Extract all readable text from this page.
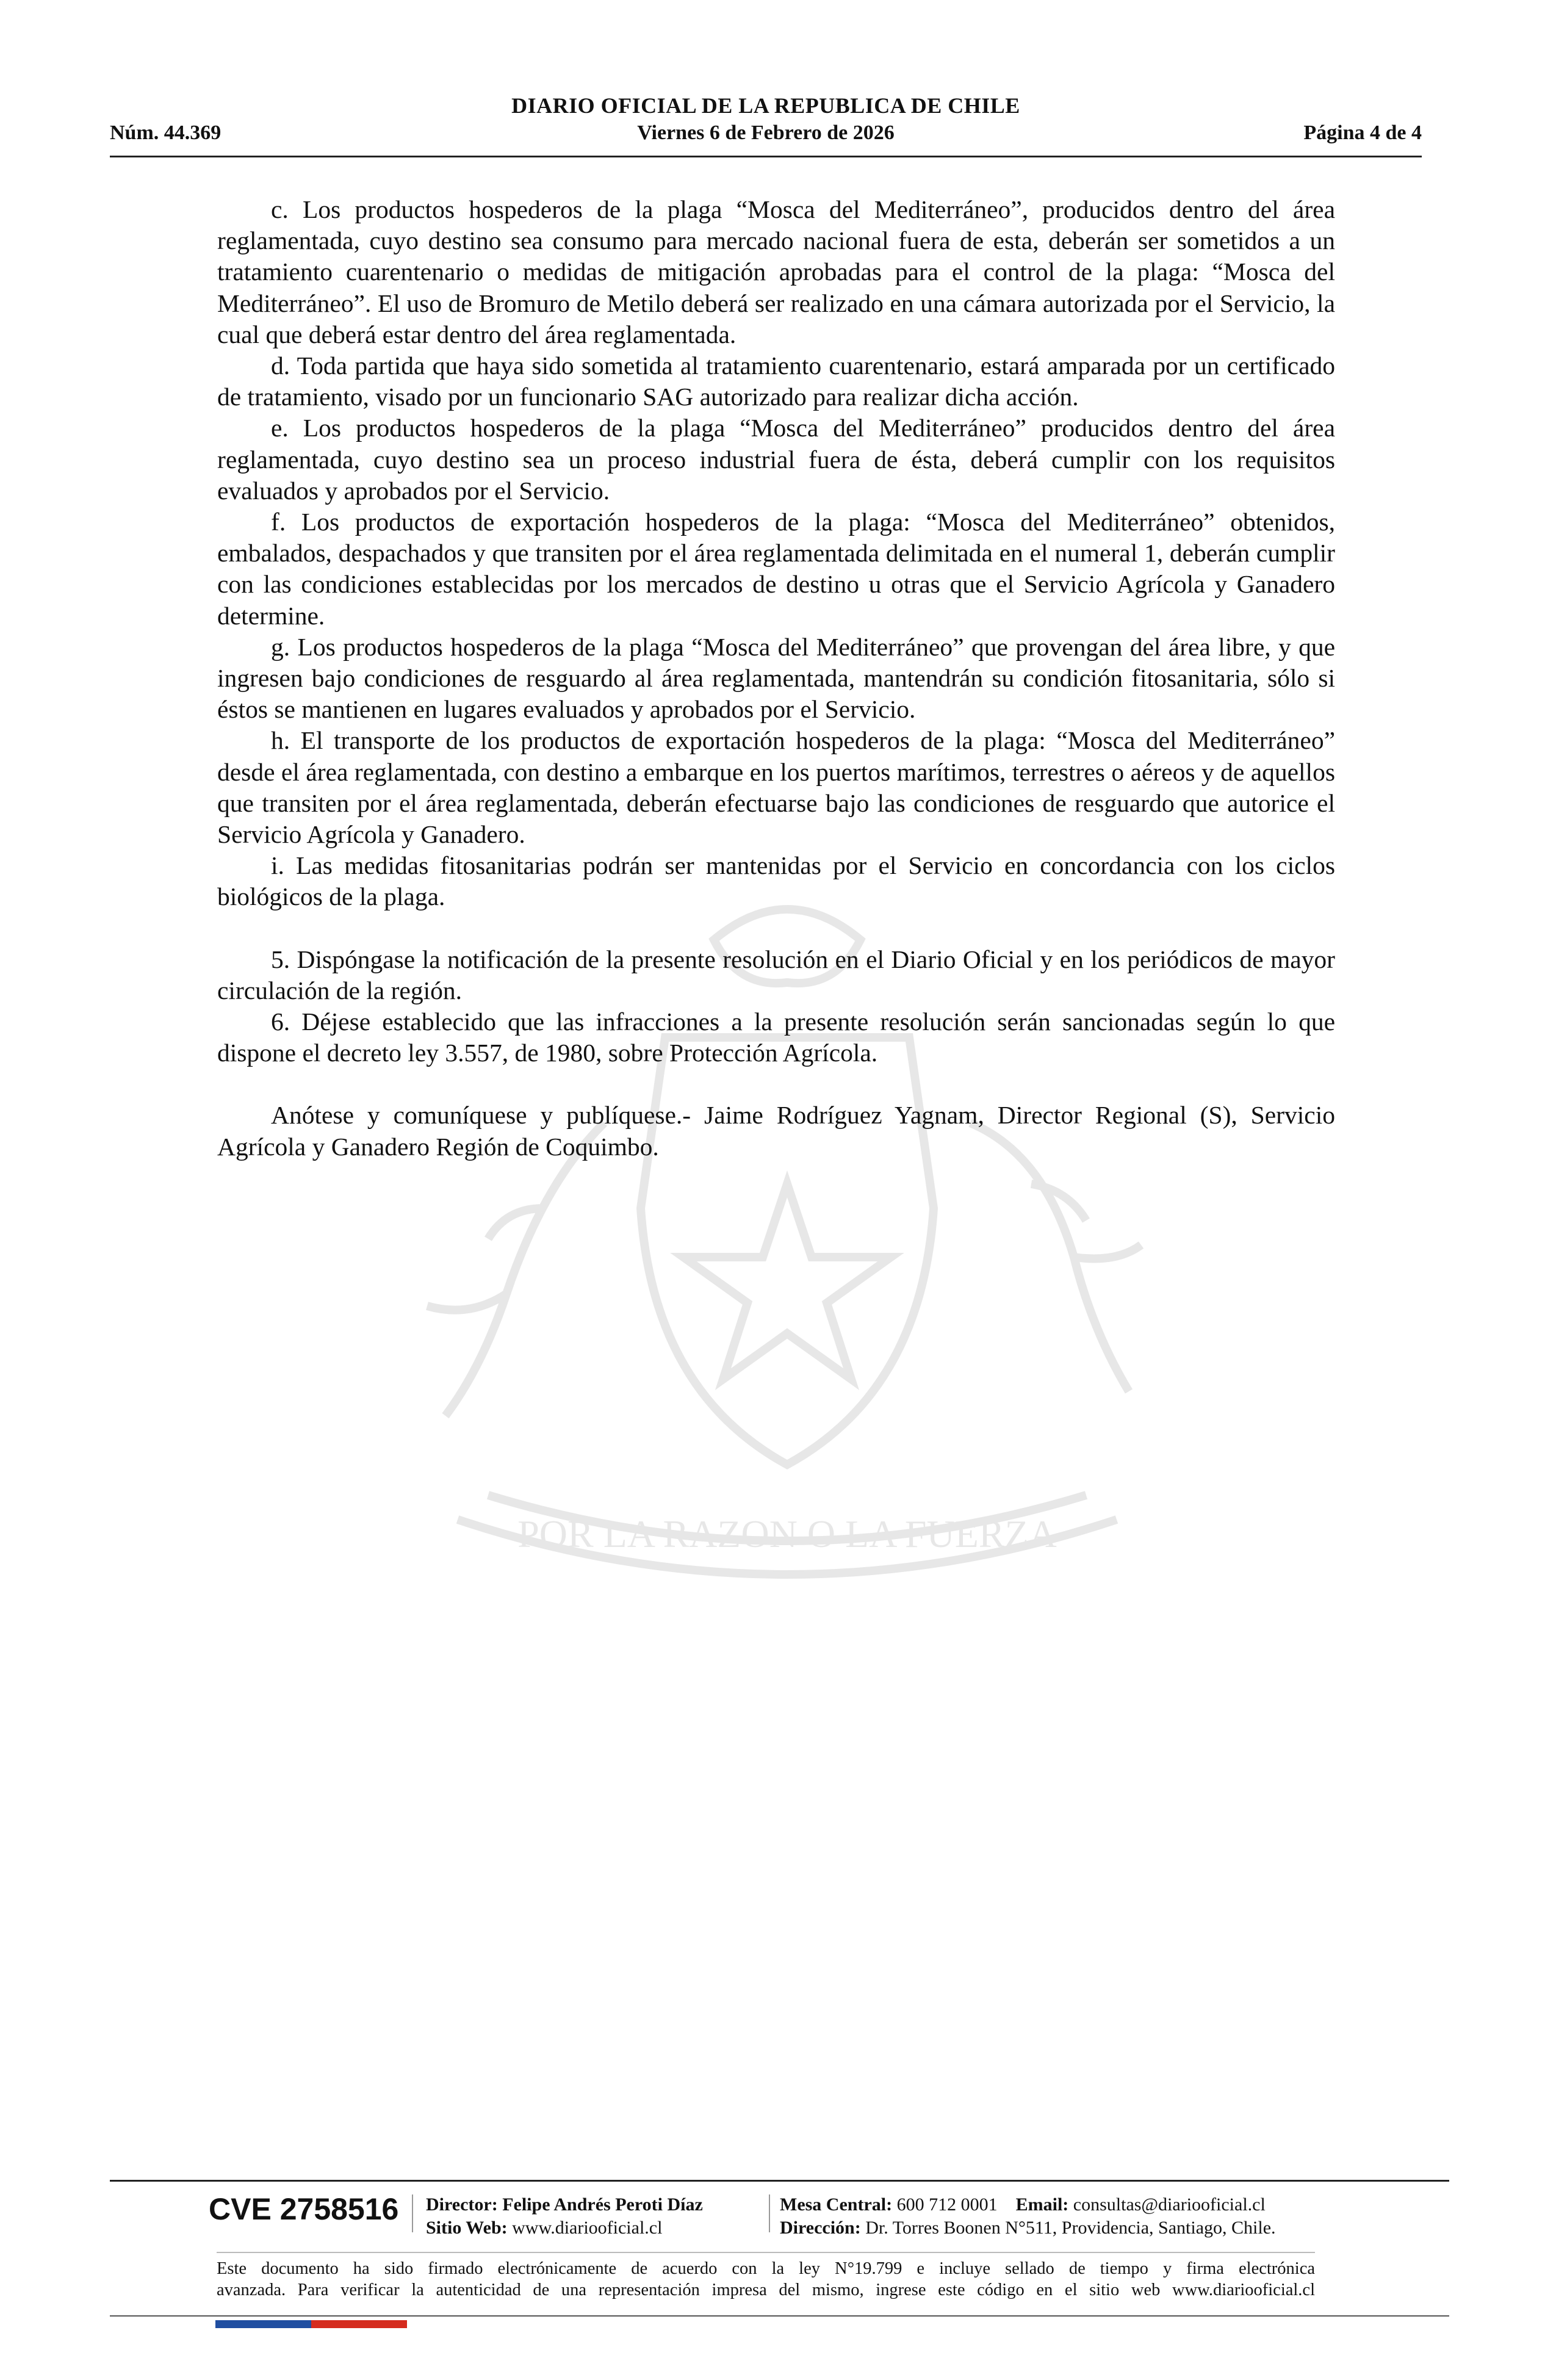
DIARIO OFICIAL DE LA REPUBLICA DE CHILE
Núm. 44.369	Viernes 6 de Febrero de 2026	Página 4 de 4
POR LA RAZON O LA FUERZA

c. Los productos hospederos de la plaga “Mosca del Mediterráneo”, producidos dentro del área reglamentada, cuyo destino sea consumo para mercado nacional fuera de esta, deberán ser sometidos a un tratamiento cuarentenario o medidas de mitigación aprobadas para el control de la plaga: “Mosca del Mediterráneo”. El uso de Bromuro de Metilo deberá ser realizado en una cámara autorizada por el Servicio, la cual que deberá estar dentro del área reglamentada.

d. Toda partida que haya sido sometida al tratamiento cuarentenario, estará amparada por un certificado de tratamiento, visado por un funcionario SAG autorizado para realizar dicha acción.

e. Los productos hospederos de la plaga “Mosca del Mediterráneo” producidos dentro del área reglamentada, cuyo destino sea un proceso industrial fuera de ésta, deberá cumplir con los requisitos evaluados y aprobados por el Servicio.

f. Los productos de exportación hospederos de la plaga: “Mosca del Mediterráneo” obtenidos, embalados, despachados y que transiten por el área reglamentada delimitada en el numeral 1, deberán cumplir con las condiciones establecidas por los mercados de destino u otras que el Servicio Agrícola y Ganadero determine.

g. Los productos hospederos de la plaga “Mosca del Mediterráneo” que provengan del área libre, y que ingresen bajo condiciones de resguardo al área reglamentada, mantendrán su condición fitosanitaria, sólo si éstos se mantienen en lugares evaluados y aprobados por el Servicio.

h. El transporte de los productos de exportación hospederos de la plaga: “Mosca del Mediterráneo” desde el área reglamentada, con destino a embarque en los puertos marítimos, terrestres o aéreos y de aquellos que transiten por el área reglamentada, deberán efectuarse bajo las condiciones de resguardo que autorice el Servicio Agrícola y Ganadero.

i. Las medidas fitosanitarias podrán ser mantenidas por el Servicio en concordancia con los ciclos biológicos de la plaga.

5. Dispóngase la notificación de la presente resolución en el Diario Oficial y en los periódicos de mayor circulación de la región.

6. Déjese establecido que las infracciones a la presente resolución serán sancionadas según lo que dispone el decreto ley 3.557, de 1980, sobre Protección Agrícola.

Anótese y comuníquese y publíquese.- Jaime Rodríguez Yagnam, Director Regional (S), Servicio Agrícola y Ganadero Región de Coquimbo.

CVE 2758516 Director: Felipe Andrés Peroti Díaz
Sitio Web: www.diariooficial.cl
Mesa Central: 600 712 0001 Email: consultas@diariooficial.cl
Dirección: Dr. Torres Boonen N°511, Providencia, Santiago, Chile.
Este documento ha sido firmado electrónicamente de acuerdo con la ley N°19.799 e incluye sellado de tiempo y firma electrónica
avanzada. Para verificar la autenticidad de una representación impresa del mismo, ingrese este código en el sitio web www.diariooficial.cl
